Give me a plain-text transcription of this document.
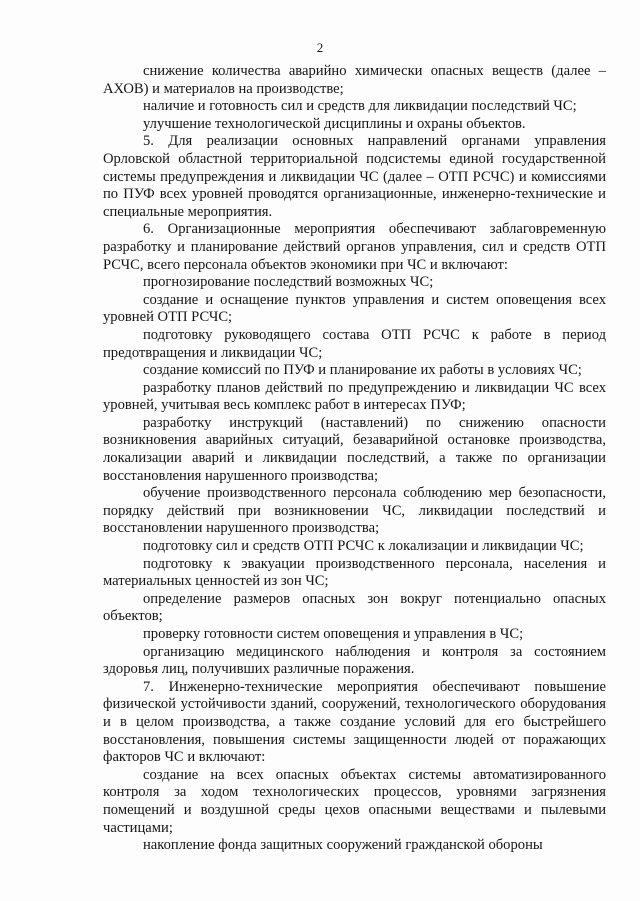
2

снижение количества аварийно химически опасных веществ (далее – АХОВ) и материалов на производстве;

наличие и готовность сил и средств для ликвидации последствий ЧС;

улучшение технологической дисциплины и охраны объектов.

5. Для реализации основных направлений органами управления Орловской областной территориальной подсистемы единой государственной системы предупреждения и ликвидации ЧС (далее – ОТП РСЧС) и комиссиями по ПУФ всех уровней проводятся организационные, инженерно-технические и специальные мероприятия.

6. Организационные мероприятия обеспечивают заблаговременную разработку и планирование действий органов управления, сил и средств ОТП РСЧС, всего персонала объектов экономики при ЧС и включают:

прогнозирование последствий возможных ЧС;

создание и оснащение пунктов управления и систем оповещения всех уровней ОТП РСЧС;

подготовку руководящего состава ОТП РСЧС к работе в период предотвращения и ликвидации ЧС;

создание комиссий по ПУФ и планирование их работы в условиях ЧС;

разработку планов действий по предупреждению и ликвидации ЧС всех уровней, учитывая весь комплекс работ в интересах ПУФ;

разработку инструкций (наставлений) по снижению опасности возникновения аварийных ситуаций, безаварийной остановке производства, локализации аварий и ликвидации последствий, а также по организации восстановления нарушенного производства;

обучение производственного персонала соблюдению мер безопасности, порядку действий при возникновении ЧС, ликвидации последствий и восстановлении нарушенного производства;

подготовку сил и средств ОТП РСЧС к локализации и ликвидации ЧС;

подготовку к эвакуации производственного персонала, населения и материальных ценностей из зон ЧС;

определение размеров опасных зон вокруг потенциально опасных объектов;

проверку готовности систем оповещения и управления в ЧС;

организацию медицинского наблюдения и контроля за состоянием здоровья лиц, получивших различные поражения.

7. Инженерно-технические мероприятия обеспечивают повышение физической устойчивости зданий, сооружений, технологического оборудования и в целом производства, а также создание условий для его быстрейшего восстановления, повышения системы защищенности людей от поражающих факторов ЧС и включают:

создание на всех опасных объектах системы автоматизированного контроля за ходом технологических процессов, уровнями загрязнения помещений и воздушной среды цехов опасными веществами и пылевыми частицами;

накопление фонда защитных сооружений гражданской обороны
